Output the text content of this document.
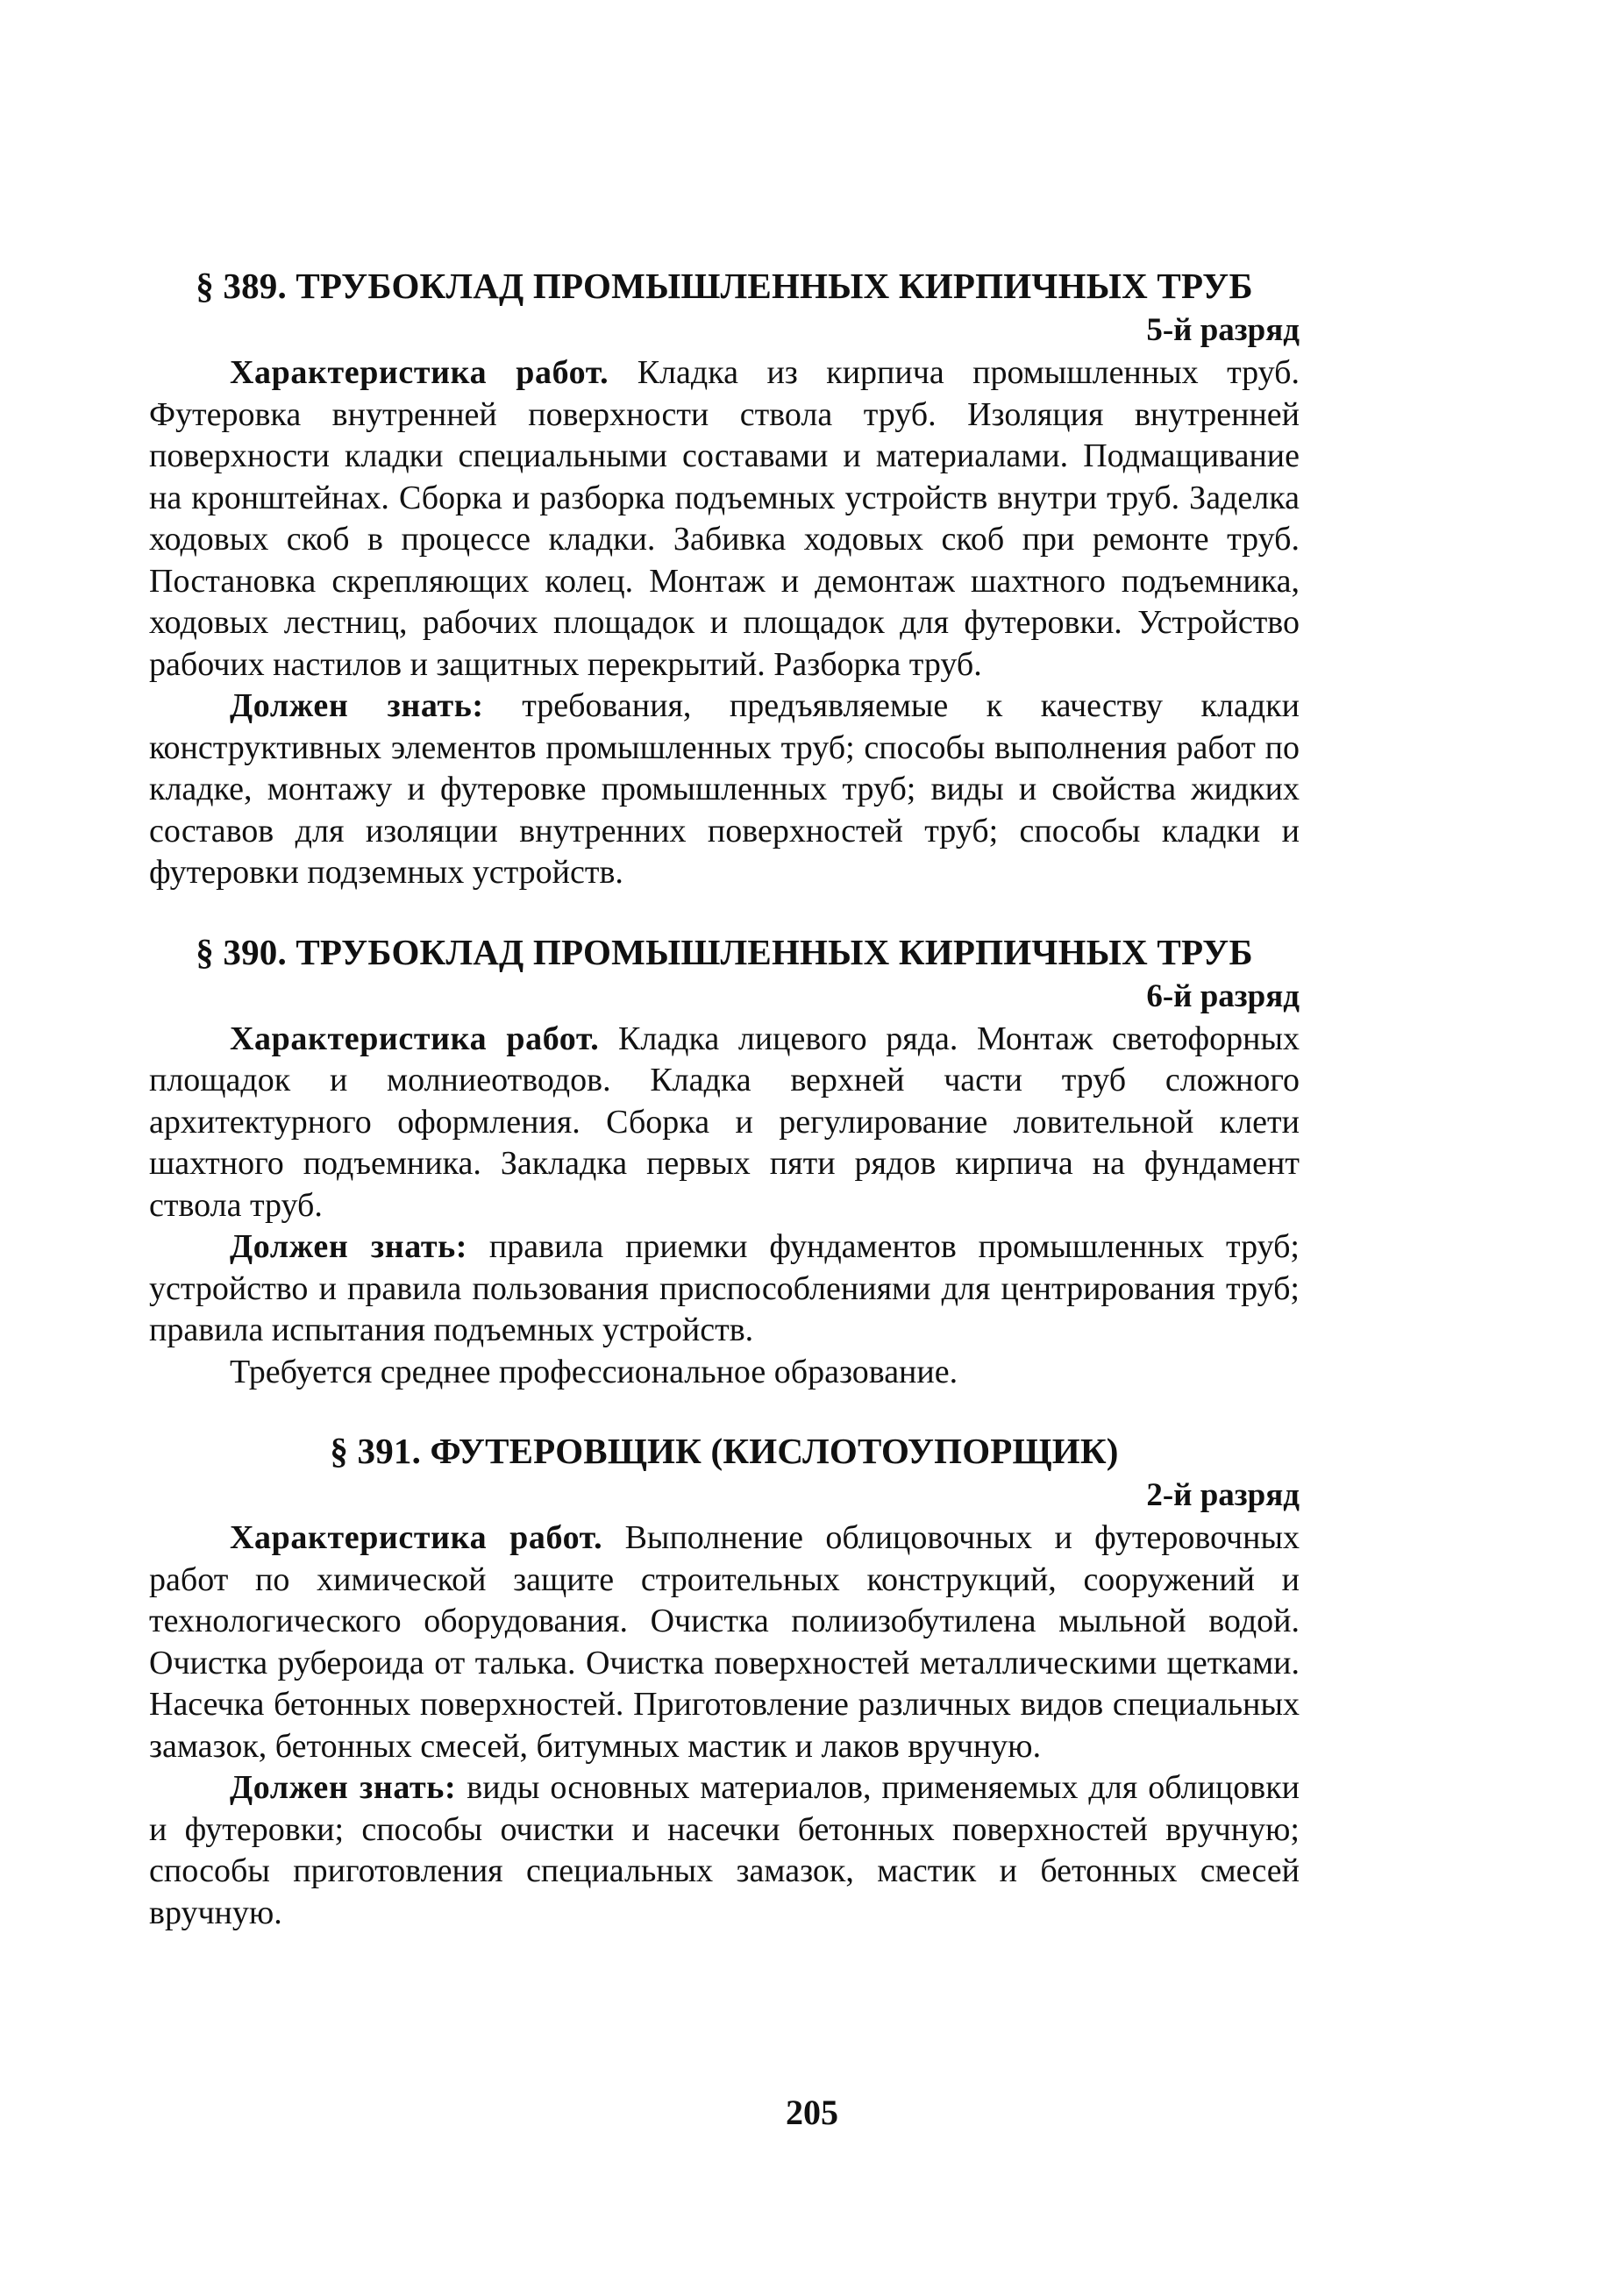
§ 389. ТРУБОКЛАД ПРОМЫШЛЕННЫХ КИРПИЧНЫХ ТРУБ

5-й разряд

Характеристика работ. Кладка из кирпича промышленных труб. Футеровка внутренней поверхности ствола труб. Изоляция внутренней поверхности кладки специальными составами и материалами. Подмащивание на кронштейнах. Сборка и разборка подъемных устройств внутри труб. Заделка ходовых скоб в процессе кладки. Забивка ходовых скоб при ремонте труб. Постановка скрепляющих колец. Монтаж и демонтаж шахтного подъемника, ходовых лестниц, рабочих площадок и площадок для футеровки. Устройство рабочих настилов и защитных перекрытий. Разборка труб.

Должен знать: требования, предъявляемые к качеству кладки конструктивных элементов промышленных труб; способы выполнения работ по кладке, монтажу и футеровке промышленных труб; виды и свойства жидких составов для изоляции внутренних поверхностей труб; способы кладки и футеровки подземных устройств.

§ 390. ТРУБОКЛАД ПРОМЫШЛЕННЫХ КИРПИЧНЫХ ТРУБ

6-й разряд

Характеристика работ. Кладка лицевого ряда. Монтаж светофорных площадок и молниеотводов. Кладка верхней части труб сложного архитектурного оформления. Сборка и регулирование ловительной клети шахтного подъемника. Закладка первых пяти рядов кирпича на фундамент ствола труб.

Должен знать: правила приемки фундаментов промышленных труб; устройство и правила пользования приспособлениями для центрирования труб; правила испытания подъемных устройств.

Требуется среднее профессиональное образование.

§ 391. ФУТЕРОВЩИК (КИСЛОТОУПОРЩИК)

2-й разряд

Характеристика работ. Выполнение облицовочных и футеровочных работ по химической защите строительных конструкций, сооружений и технологического оборудования. Очистка полиизобутилена мыльной водой. Очистка рубероида от талька. Очистка поверхностей металлическими щетками. Насечка бетонных поверхностей. Приготовление различных видов специальных замазок, бетонных смесей, битумных мастик и лаков вручную.

Должен знать: виды основных материалов, применяемых для облицовки и футеровки; способы очистки и насечки бетонных поверхностей вручную; способы приготовления специальных замазок, мастик и бетонных смесей вручную.

205
